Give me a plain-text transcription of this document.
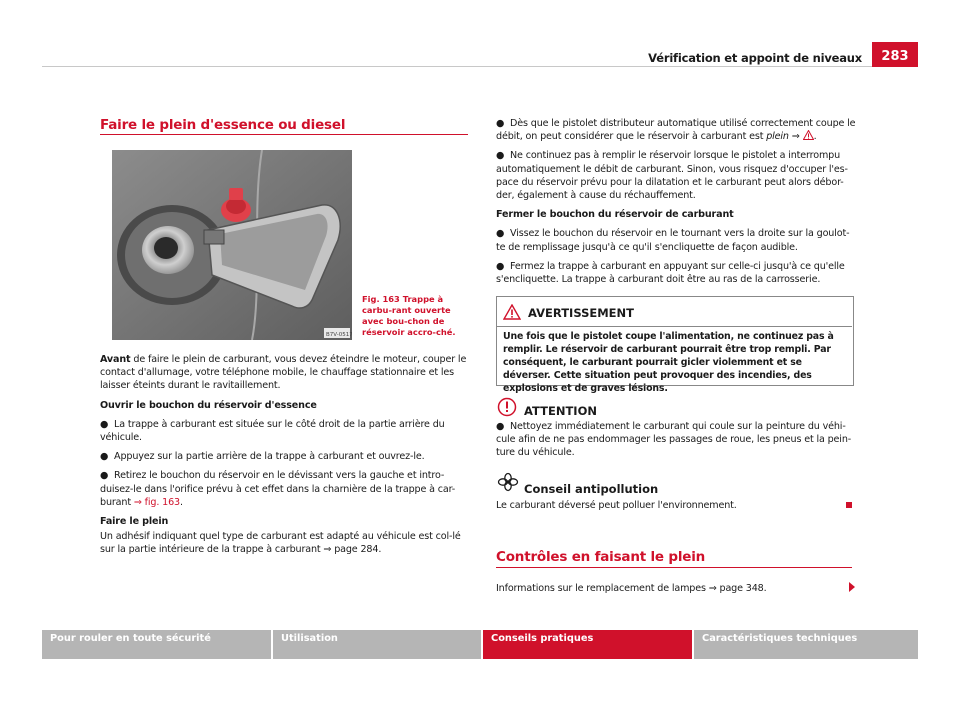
Vérification et appoint de niveaux	283
Faire le plein d'essence ou diesel
B7V-0517
Fig. 163 Trappe à carbu-rant ouverte avec bou-chon de réservoir accro-ché.

Avant de faire le plein de carburant, vous devez éteindre le moteur, couper le contact d'allumage, votre téléphone mobile, le chauffage stationnaire et les laisser éteints durant le ravitaillement.

Ouvrir le bouchon du réservoir d'essence

●  La trappe à carburant est située sur le côté droit de la partie arrière du véhicule.

●  Appuyez sur la partie arrière de la trappe à carburant et ouvrez-le.

●  Retirez le bouchon du réservoir en le dévissant vers la gauche et intro-duisez-le dans l'orifice prévu à cet effet dans la charnière de la trappe à car-burant ⇒ fig. 163.

Faire le plein

Un adhésif indiquant quel type de carburant est adapté au véhicule est col-lé sur la partie intérieure de la trappe à carburant ⇒ page 284.

●  Dès que le pistolet distributeur automatique utilisé correctement coupe le débit, on peut considérer que le réservoir à carburant est plein ⇒ .

●  Ne continuez pas à remplir le réservoir lorsque le pistolet a interrompu automatiquement le débit de carburant. Sinon, vous risquez d'occuper l'es-pace du réservoir prévu pour la dilatation et le carburant peut alors débor-der, également à cause du réchauffement.

Fermer le bouchon du réservoir de carburant

●  Vissez le bouchon du réservoir en le tournant vers la droite sur la goulot-te de remplissage jusqu'à ce qu'il s'encliquette de façon audible.

●  Fermez la trappe à carburant en appuyant sur celle-ci jusqu'à ce qu'elle s'encliquette. La trappe à carburant doit être au ras de la carrosserie.

AVERTISSEMENT
Une fois que le pistolet coupe l'alimentation, ne continuez pas à remplir. Le réservoir de carburant pourrait être trop rempli. Par conséquent, le carburant pourrait gicler violemment et se déverser. Cette situation peut provoquer des incendies, des explosions et de graves lésions.
ATTENTION

●  Nettoyez immédiatement le carburant qui coule sur la peinture du véhi-cule afin de ne pas endommager les passages de roue, les pneus et la pein-ture du véhicule.

Conseil antipollution
Le carburant déversé peut polluer l'environnement.
Contrôles en faisant le plein
Informations sur le remplacement de lampes ⇒ page 348.
Pour rouler en toute sécurité	Utilisation	Conseils pratiques	Caractéristiques techniques
